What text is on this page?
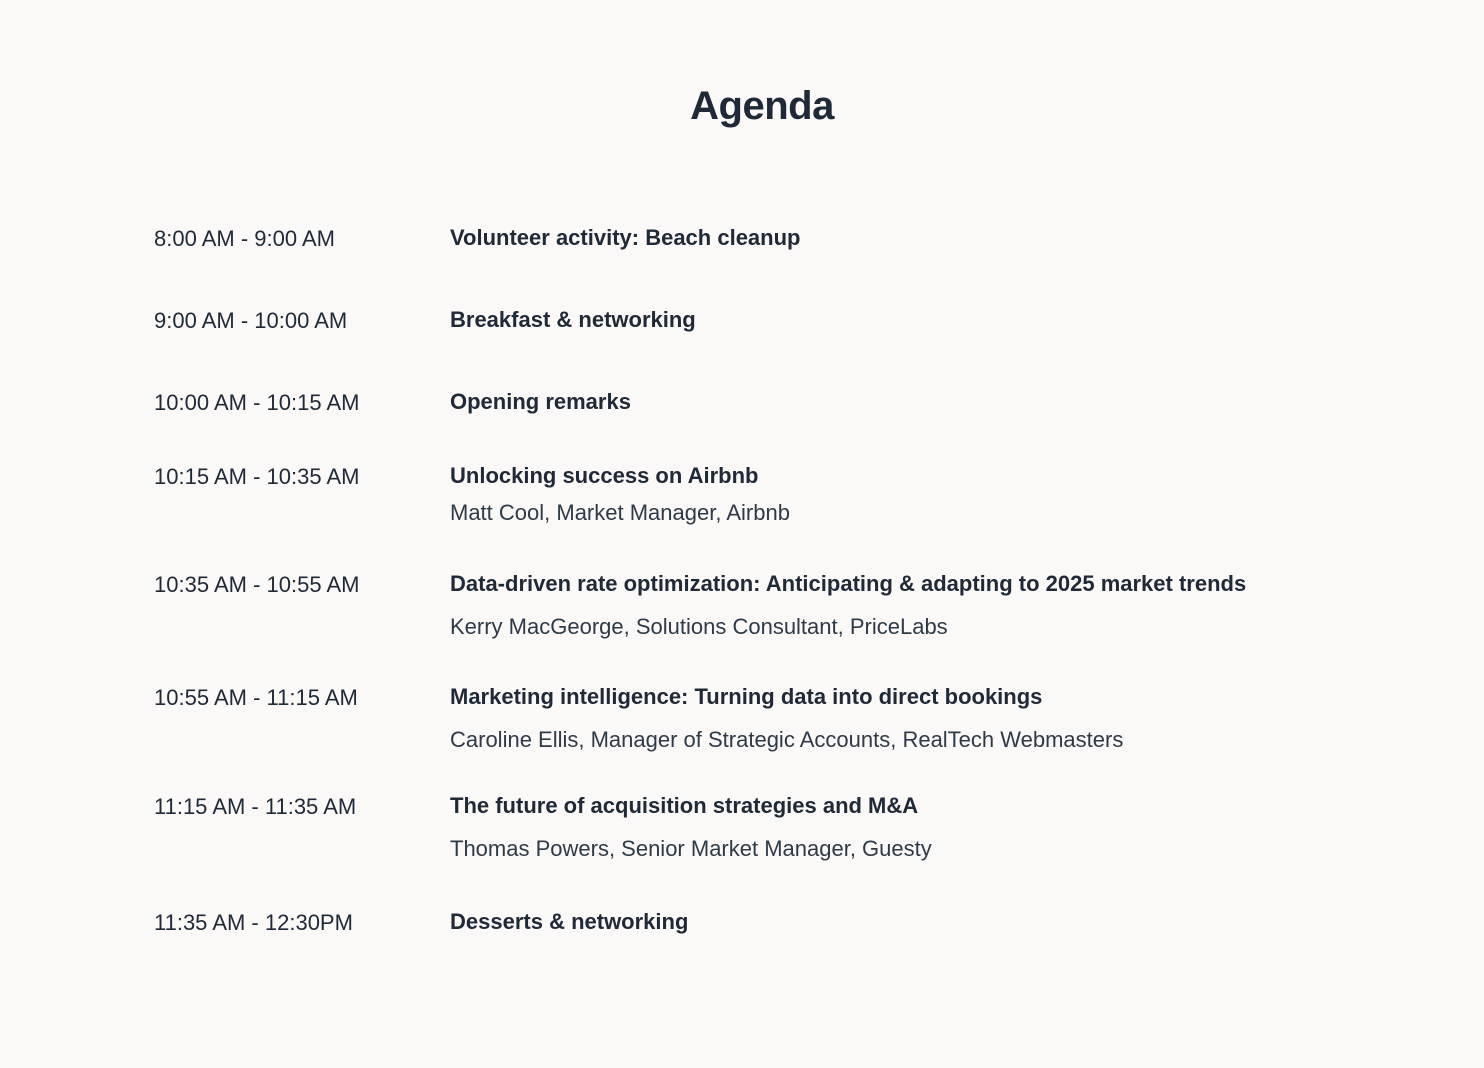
Agenda
8:00 AM - 9:00 AM	Volunteer activity: Beach cleanup
9:00 AM - 10:00 AM	Breakfast & networking
10:00 AM - 10:15 AM	Opening remarks
10:15 AM - 10:35 AM	Unlocking success on Airbnb
Matt Cool, Market Manager, Airbnb
10:35 AM - 10:55 AM	Data-driven rate optimization: Anticipating & adapting to 2025 market trends
Kerry MacGeorge, Solutions Consultant, PriceLabs
10:55 AM - 11:15 AM	Marketing intelligence: Turning data into direct bookings
Caroline Ellis, Manager of Strategic Accounts, RealTech Webmasters
11:15 AM - 11:35 AM	The future of acquisition strategies and M&A
Thomas Powers, Senior Market Manager, Guesty
11:35 AM - 12:30PM	Desserts & networking
